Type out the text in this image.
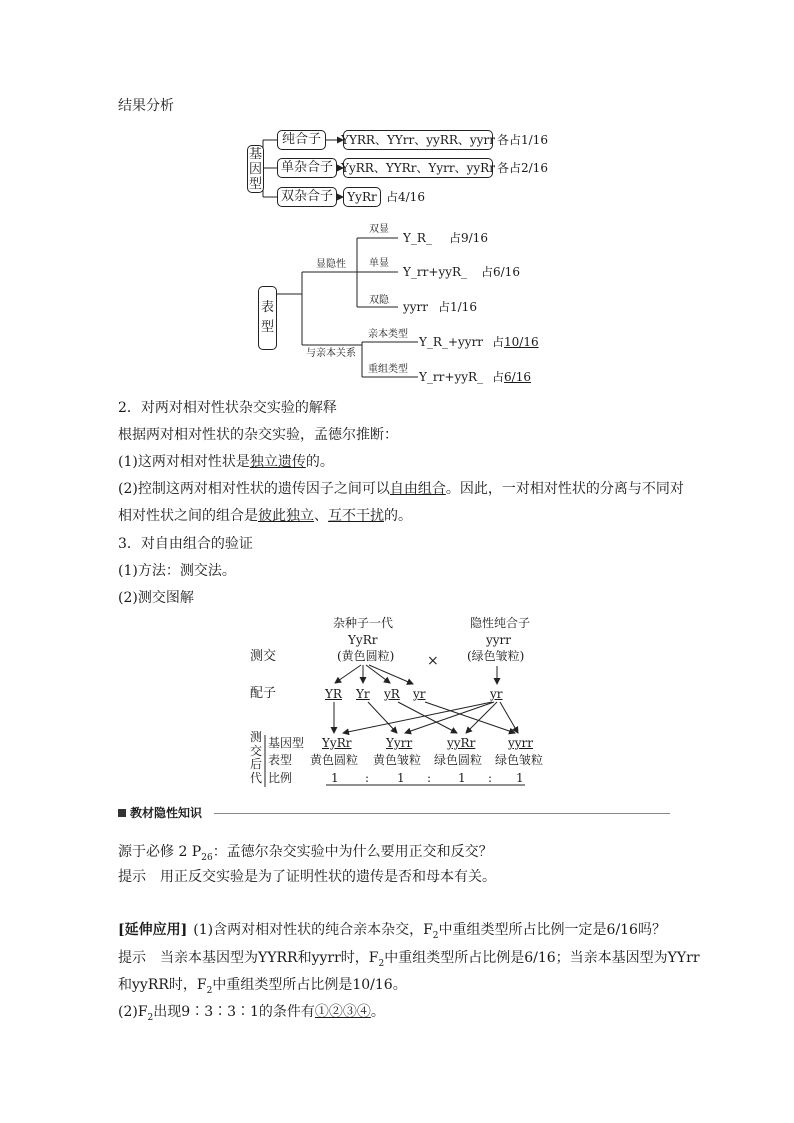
结果分析
基
因
型
纯合子	YYRR、YYrr、yyRR、yyrr 各占1/16
单杂合子 YyRR、YYRr、Yyrr、yyRr 各占2/16
双杂合子	YyRr 占4/16
表
型
显隐性
与亲本关系
双显
Y_R_ 占9/16
单显
Y_rr+yyR_ 占6/16
双隐 yyrr 占1/16
亲本类型
Y_R_+yyrr 占10/16
重组类型
Y_rr+yyR_ 占6/16
2．对两对相对性状杂交实验的解释
根据两对相对性状的杂交实验，孟德尔推断：
(1)这两对相对性状是独立遗传的。
(2)控制这两对相对性状的遗传因子之间可以自由组合。因此，一对相对性状的分离与不同对
相对性状之间的组合是彼此独立、互不干扰的。
3．对自由组合的验证
(1)方法：测交法。
(2)测交图解
杂种子一代
YyRr
(黄色圆粒)
隐性纯合子
yyrr
(绿色皱粒)
测交	×
配子	YR Yr yR yr	yr
测
交
后
代
基因型
表型
比例
YyRr	Yyrr	yyRr	yyrr
黄色圆粒 黄色皱粒 绿色圆粒 绿色皱粒
1 : 1 : 1 : 1
教材隐性知识
源于必修 2 $P_{26}$：孟德尔杂交实验中为什么要用正交和反交？
提示 用正反交实验是为了证明性状的遗传是否和母本有关。
[延伸应用] (1)含两对相对性状的纯合亲本杂交，$F_2$中重组类型所占比例一定是6/16吗？
提示 当亲本基因型为YYRR和yyrr时，$F_2$中重组类型所占比例是6/16；当亲本基因型为YYrr
和yyRR时，$F_2$中重组类型所占比例是10/16。
$(2)F_2$出现9∶3∶3∶1的条件有①②③④。
